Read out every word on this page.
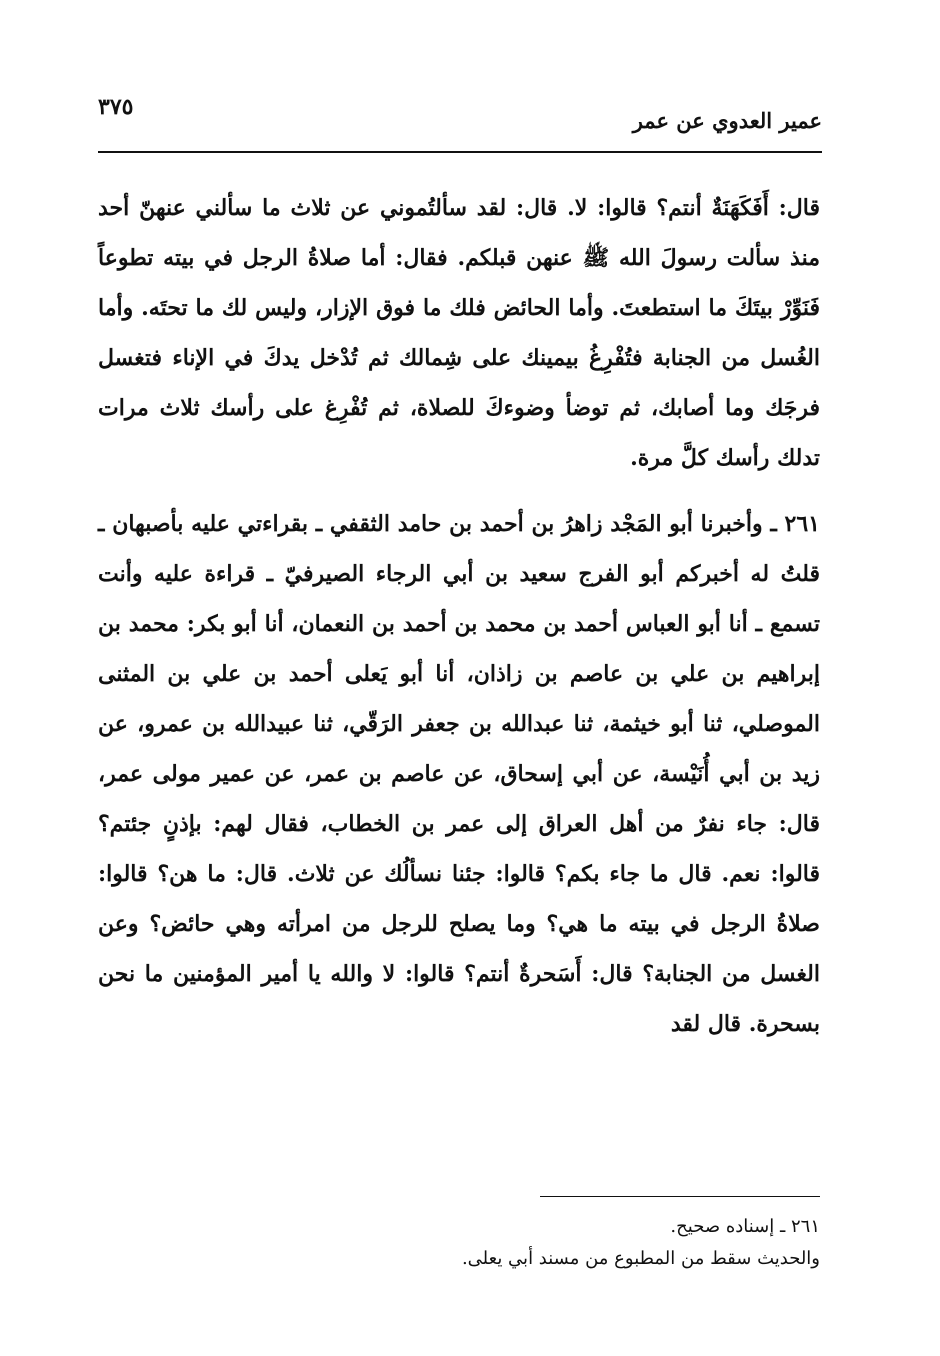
عمير العدوي عن عمر
٣٧٥

قال: أَفَكَهَنَةٌ أنتم؟ قالوا: لا. قال: لقد سألتُموني عن ثلاث ما سألني عنهنّ أحد منذ سألت رسولَ الله ﷺ عنهن قبلكم. فقال: أما صلاةُ الرجل في بيته تطوعاً فَنَوِّرْ بيتَكَ ما استطعتَ. وأما الحائض فلك ما فوق الإزار، وليس لك ما تحتَه. وأما الغُسل من الجنابة فتُفْرِغُ بيمينك على شِمالك ثم تُدْخل يدكَ في الإناء فتغسل فرجَك وما أصابك، ثم توضأ وضوءكَ للصلاة، ثم تُفْرِغ على رأسك ثلاث مرات تدلك رأسك كلَّ مرة.

٢٦١ ـ وأخبرنا أبو المَجْد زاهرُ بن أحمد بن حامد الثقفي ـ بقراءتي عليه بأصبهان ـ قلتُ له أخبركم أبو الفرج سعيد بن أبي الرجاء الصيرفيّ ـ قراءة عليه وأنت تسمع ـ أنا أبو العباس أحمد بن محمد بن أحمد بن النعمان، أنا أبو بكر: محمد بن إبراهيم بن علي بن عاصم بن زاذان، أنا أبو يَعلى أحمد بن علي بن المثنى الموصلي، ثنا أبو خيثمة، ثنا عبدالله بن جعفر الرَقّي، ثنا عبيدالله بن عمرو، عن زيد بن أبي أُنَيْسة، عن أبي إسحاق، عن عاصم بن عمر، عن عمير مولى عمر، قال: جاء نفرٌ من أهل العراق إلى عمر بن الخطاب، فقال لهم: بإذنٍ جئتم؟ قالوا: نعم. قال ما جاء بكم؟ قالوا: جئنا نسألُك عن ثلاث. قال: ما هن؟ قالوا: صلاةُ الرجل في بيته ما هي؟ وما يصلح للرجل من امرأته وهي حائض؟ وعن الغسل من الجنابة؟ قال: أَسَحرةٌ أنتم؟ قالوا: لا والله يا أمير المؤمنين ما نحن بسحرة. قال لقد

٢٦١ ـ إسناده صحيح.

والحديث سقط من المطبوع من مسند أبي يعلى.
